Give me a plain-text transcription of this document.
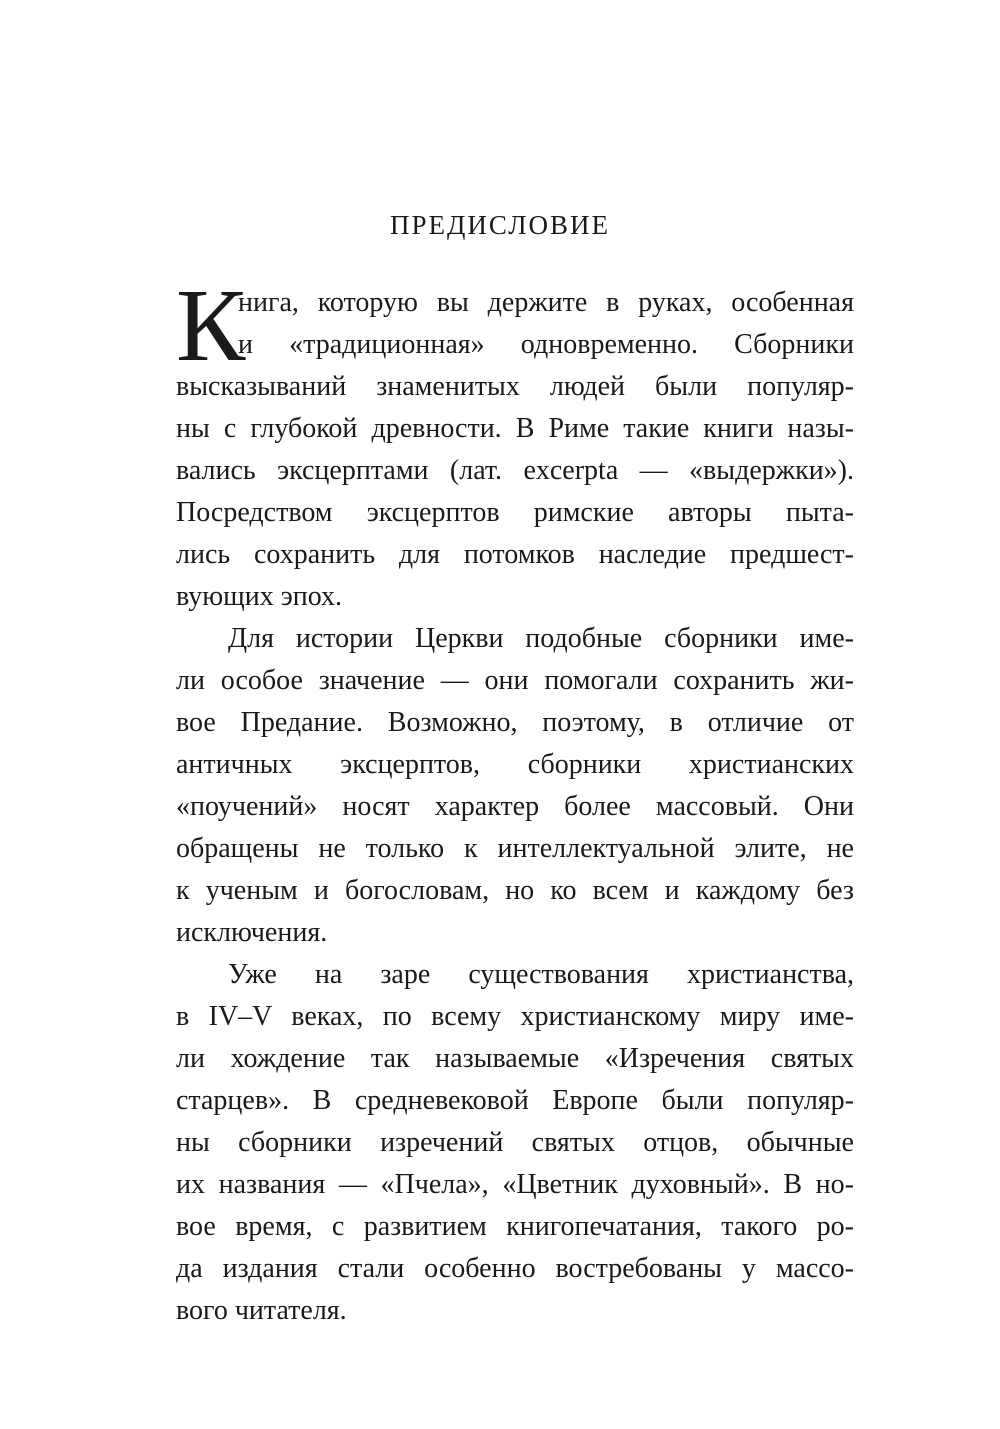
ПРЕДИСЛОВИЕ
К
нига, которую вы держите в руках, особенная
и «традиционная» одновременно. Сборники
высказываний знаменитых людей были популяр-
ны с глубокой древности. В Риме такие книги назы-
вались эксцерптами (лат. excerpta — «выдержки»).
Посредством эксцерптов римские авторы пыта-
лись сохранить для потомков наследие предшест-
вующих эпох.
Для истории Церкви подобные сборники име-
ли особое значение — они помогали сохранить жи-
вое Предание. Возможно, поэтому, в отличие от
античных эксцерптов, сборники христианских
«поучений» носят характер более массовый. Они
обращены не только к интеллектуальной элите, не
к ученым и богословам, но ко всем и каждому без
исключения.
Уже на заре существования христианства,
в IV–V веках, по всему христианскому миру име-
ли хождение так называемые «Изречения святых
старцев». В средневековой Европе были популяр-
ны сборники изречений святых отцов, обычные
их названия — «Пчела», «Цветник духовный». В но-
вое время, с развитием книгопечатания, такого ро-
да издания стали особенно востребованы у массо-
вого читателя.
